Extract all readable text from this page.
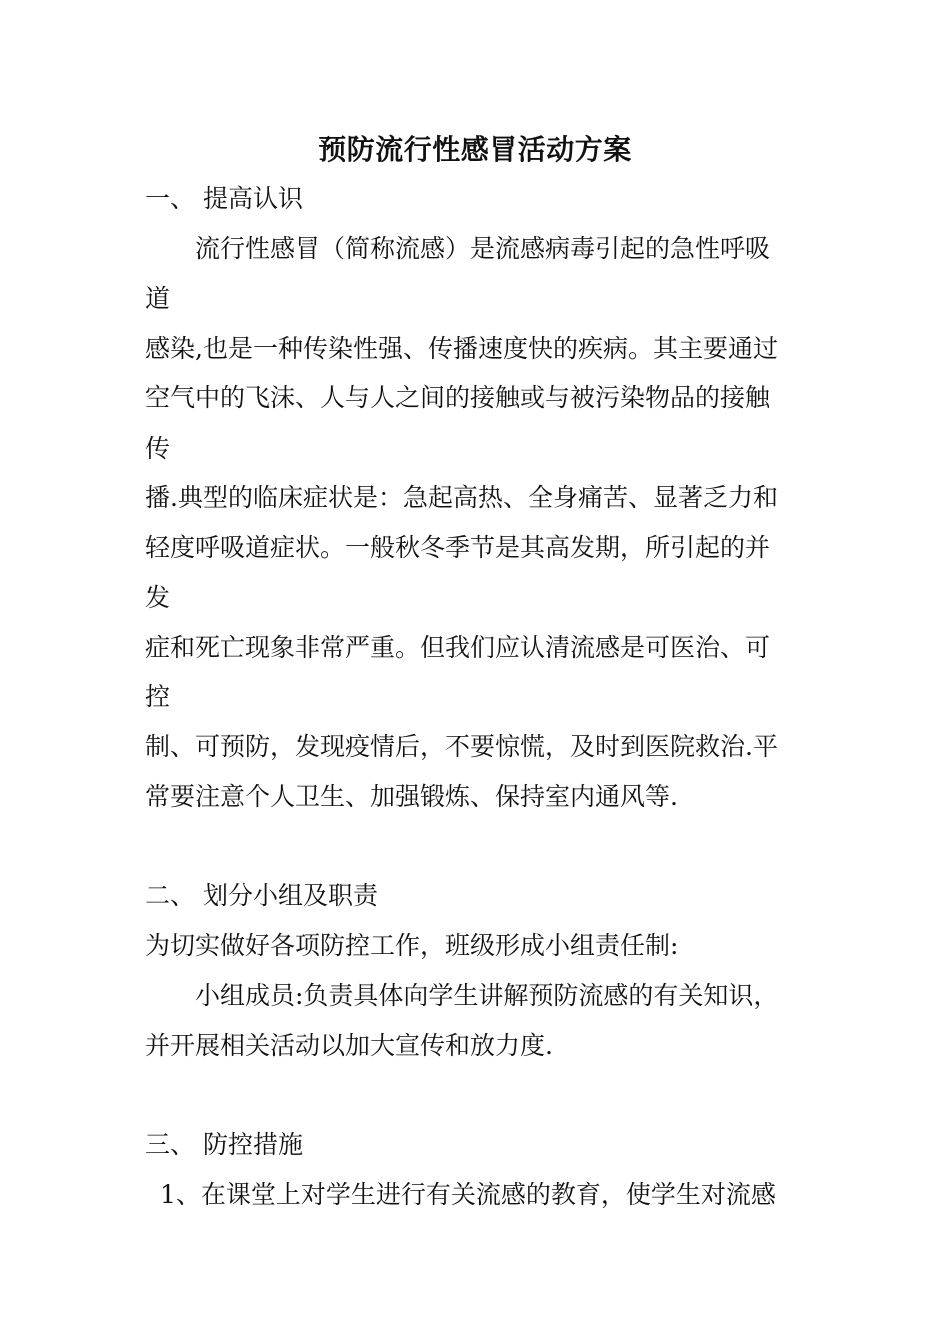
预防流行性感冒活动方案
一、 提高认识
流行性感冒（简称流感）是流感病毒引起的急性呼吸
道
感染,也是一种传染性强、传播速度快的疾病。其主要通过
空气中的飞沫、人与人之间的接触或与被污染物品的接触
传
播.典型的临床症状是：急起高热、全身痛苦、显著乏力和
轻度呼吸道症状。一般秋冬季节是其高发期，所引起的并
发
症和死亡现象非常严重。但我们应认清流感是可医治、可
控
制、可预防，发现疫情后，不要惊慌，及时到医院救治.平
常要注意个人卫生、加强锻炼、保持室内通风等.
二、 划分小组及职责
为切实做好各项防控工作，班级形成小组责任制:
小组成员:负责具体向学生讲解预防流感的有关知识，
并开展相关活动以加大宣传和放力度.
三、 防控措施
1、在课堂上对学生进行有关流感的教育，使学生对流感
